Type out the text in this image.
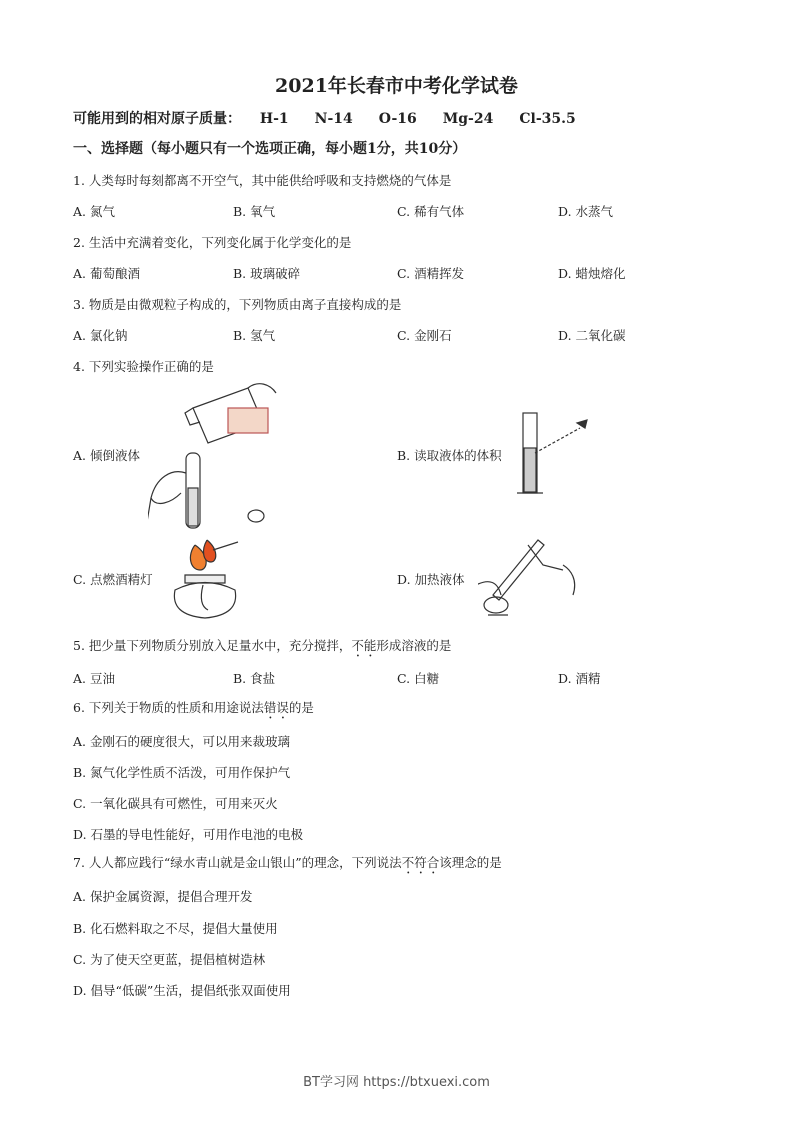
2021年长春市中考化学试卷
可能用到的相对原子质量： H-1 N-14 O-16 Mg-24 Cl-35.5
一、选择题（每小题只有一个选项正确，每小题1分，共10分）
1. 人类每时每刻都离不开空气，其中能供给呼吸和支持燃烧的气体是
A. 氮气	B. 氧气	C. 稀有气体	D. 水蒸气
2. 生活中充满着变化，下列变化属于化学变化的是
A. 葡萄酿酒	B. 玻璃破碎	C. 酒精挥发	D. 蜡烛熔化
3. 物质是由微观粒子构成的，下列物质由离子直接构成的是
A. 氯化钠	B. 氢气	C. 金刚石	D. 二氧化碳
4. 下列实验操作正确的是
A. 倾倒液体	B. 读取液体的体积
C. 点燃酒精灯	D. 加热液体
5. 把少量下列物质分别放入足量水中，充分搅拌，不能形成溶液的是
A. 豆油	B. 食盐	C. 白糖	D. 酒精
6. 下列关于物质的性质和用途说法错误的是
A. 金刚石的硬度很大，可以用来裁玻璃
B. 氮气化学性质不活泼，可用作保护气
C. 一氧化碳具有可燃性，可用来灭火
D. 石墨的导电性能好，可用作电池的电极
7. 人人都应践行“绿水青山就是金山银山”的理念，下列说法不符合该理念的是
A. 保护金属资源，提倡合理开发
B. 化石燃料取之不尽，提倡大量使用
C. 为了使天空更蓝，提倡植树造林
D. 倡导“低碳”生活，提倡纸张双面使用
BT学习网 https://btxuexi.com
